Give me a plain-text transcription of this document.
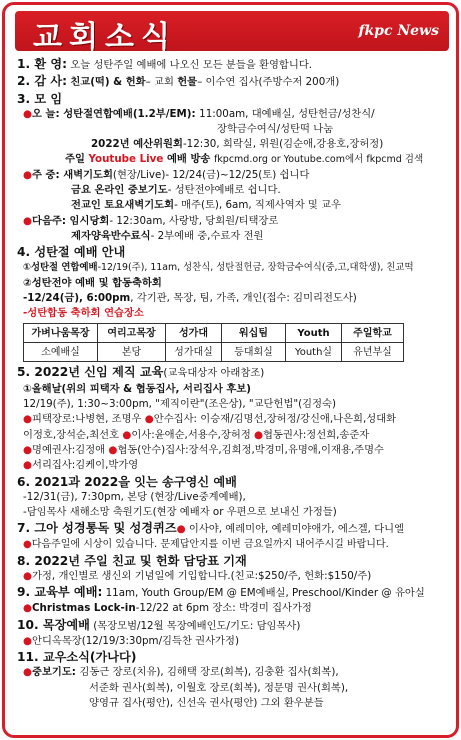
교회소식	fkpc News
1. 환 영: 오늘 성탄주일 예배에 나오신 모든 분들을 환영합니다.
2. 감 사: 친교(떡) & 헌화– 교회 헌물– 이수연 집사(주방수저 200개)
3. 모 임
●오 늘: 성탄절연합예배(1.2부/EM): 11:00am, 대예배실, 성탄헌금/성찬식/
장학금수여식/성탄떡 나눔
2022년 예산위원회-12:30, 희락실, 위원(김순애,강용호,장허정)
주일 Youtube Live 예배 방송 fkpcmd.org or Youtube.com에서 fkpcmd 검색
●주 중: 새벽기도회(현장/Live)- 12/24(금)~12/25(토) 쉽니다
금요 온라인 중보기도- 성탄전야예배로 쉽니다.
전교인 토요새벽기도회- 매주(토), 6am, 직제사역자 및 교우
●다음주: 임시당회- 12:30am, 사랑방, 당회원/티택장로
제자양육반수료식- 2부예배 중,수료자 전원
4. 성탄절 예배 안내
①성탄절 연합예배-12/19(주), 11am, 성찬식, 성탄절헌금, 장학금수여식(중,고,대학생), 친교떡
②성탄전야 예배 및 합동축하회
-12/24(금), 6:00pm, 각기관, 목장, 팀, 가족, 개인(접수: 김미리전도사)
-성탄합동 축하회 연습장소
가벼나움목장	여리고목장	성가대	워십팀	Youth	주일학교
소예배실	본당	성가대실	등대회실	Youth실	유년부실
5. 2022년 신임 제직 교육(교육대상자 아래참조)
①올해날(위의 피택자 & 협동집사, 서리집사 후보)
12/19(주), 1:30~3:00pm, "제직이란"(조은상), "교단헌법"(김정숙)
●피택장로:나병현, 조명우 ●안수집사: 이승재/김명선,장허정/강신애,나은희,성대화
이정호,장석순,최선호 ●이사:윤애순,서용수,장허정 ●협동권사:정선희,송준자
●명예권사:김정애 ●협동(안수)집사:장석우,김희정,박경미,유명애,이재용,주명수
●서리집사:김케이,박가영
6. 2021과 2022을 잇는 송구영신 예배
-12/31(금), 7:30pm, 본당 (현장/Live중계예배),
-담임목사 새해소망 축원기도(현장 예배자 or 우편으로 보내신 가정들)
7. 그아 성경통독 및 성경퀴즈● 이사야, 예레미야, 예레미야애가, 에스겔, 다니엘
●다음주일에 시상이 있습니다. 문제답안지를 이번 금요일까지 내어주시길 바랍니다.
8. 2022년 주일 친교 및 헌화 담당표 기재
●가정, 개인별로 생신외 기념일에 기입합니다.(친교:$250/주, 헌화:$150/주)
9. 교육부 예배: 11am, Youth Group/EM @ EM예배실, Preschool/Kinder @ 유아실
●Christmas Lock-in-12/22 at 6pm 장소: 박경미 집사가정
10. 목장예배 (목장모범/12월 목장예배인도/기도: 담임목사)
●안디옥목장(12/19/3:30pm/김득찬 권사가정)
11. 교우소식(가나다)
●중보기도: 김동근 장로(치유), 김해택 장로(회복), 김충환 집사(회복),
서준화 권사(회복), 이월호 장로(회복), 정문명 권사(회복),
양영규 집사(평안), 신선옥 권사(평안) 그외 환우분들
